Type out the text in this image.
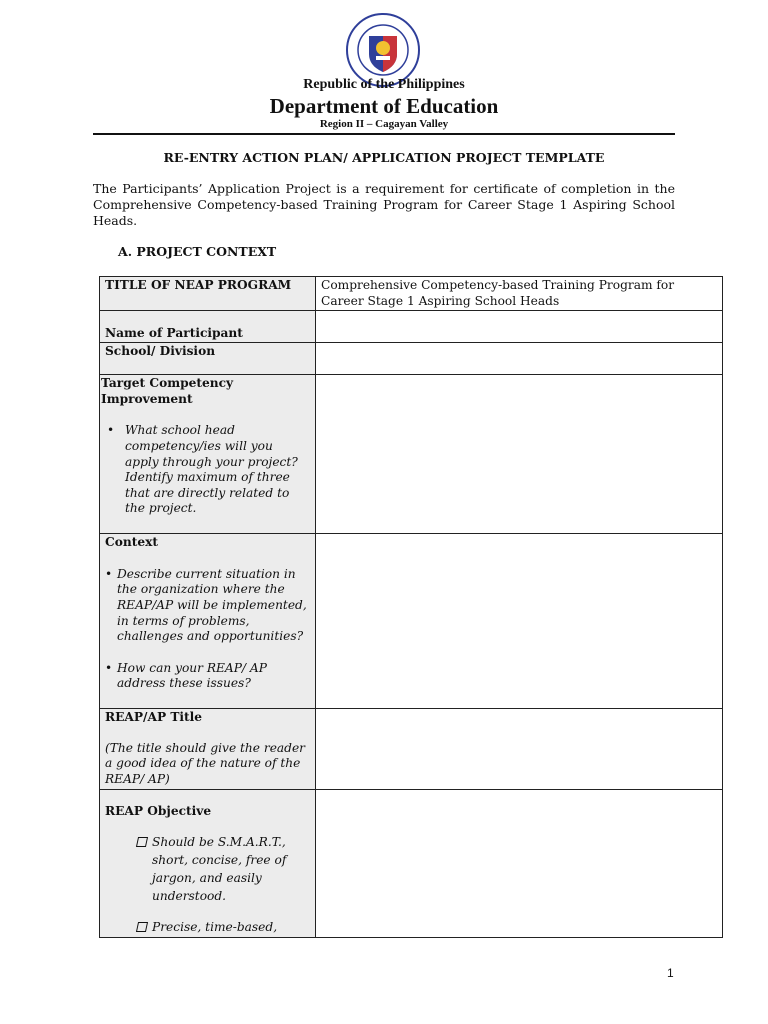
Republic of the Philippines
Department of Education
Region II – Cagayan Valley
RE-ENTRY ACTION PLAN/ APPLICATION PROJECT TEMPLATE
The Participants’ Application Project is a requirement for certificate of completion in the Comprehensive Competency-based Training Program for Career Stage 1 Aspiring School Heads.
A. PROJECT CONTEXT
TITLE OF NEAP PROGRAM	Comprehensive Competency-based Training Program for Career Stage 1 Aspiring School Heads

Name of Participant	

School/ Division	

Target Competency Improvement
• What school head competency/ies will you apply through your project? Identify maximum of three that are directly related to the project.

Context
• Describe current situation in the organization where the REAP/AP will be implemented, in terms of problems, challenges and opportunities?
• How can your REAP/ AP address these issues?

REAP/AP Title
(The title should give the reader a good idea of the nature of the REAP/ AP)	

REAP Objective
Should be S.M.A.R.T., short, concise, free of jargon, and easily understood.
Precise, time-based,	

1
